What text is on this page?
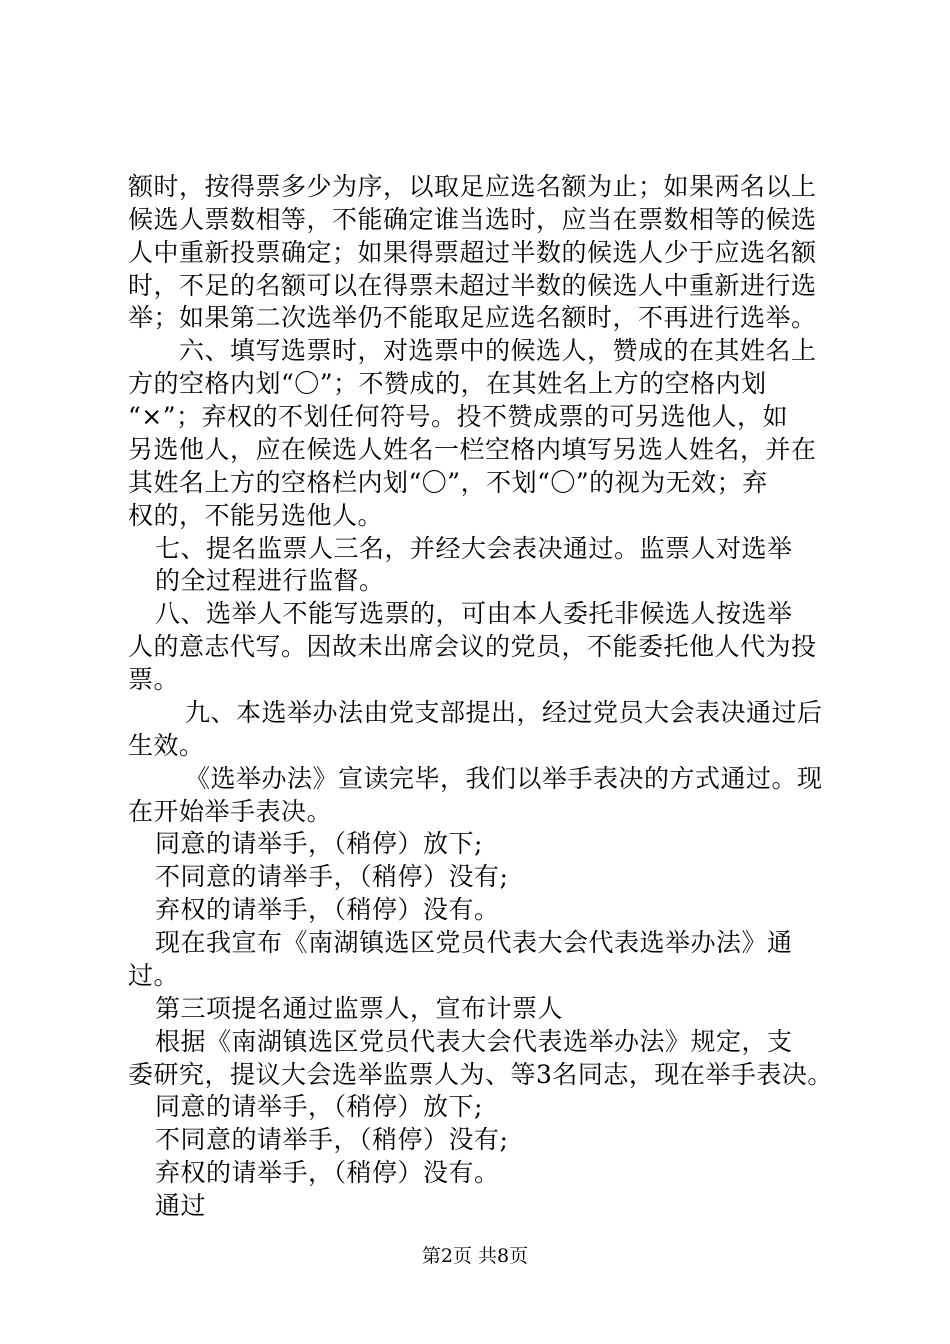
额时，按得票多少为序，以取足应选名额为止；如果两名以上
候选人票数相等，不能确定谁当选时，应当在票数相等的候选
人中重新投票确定；如果得票超过半数的候选人少于应选名额
时，不足的名额可以在得票未超过半数的候选人中重新进行选
举；如果第二次选举仍不能取足应选名额时，不再进行选举。
六、填写选票时，对选票中的候选人，赞成的在其姓名上
方的空格内划“〇”；不赞成的，在其姓名上方的空格内划
“×”；弃权的不划任何符号。投不赞成票的可另选他人，如
另选他人，应在候选人姓名一栏空格内填写另选人姓名，并在
其姓名上方的空格栏内划“〇”，不划“〇”的视为无效；弃
权的，不能另选他人。
七、提名监票人三名，并经大会表决通过。监票人对选举
的全过程进行监督。
八、选举人不能写选票的，可由本人委托非候选人按选举
人的意志代写。因故未出席会议的党员，不能委托他人代为投
票。
九、本选举办法由党支部提出，经过党员大会表决通过后
生效。
《选举办法》宣读完毕，我们以举手表决的方式通过。现
在开始举手表决。
同意的请举手，（稍停）放下;
不同意的请举手，（稍停）没有;
弃权的请举手，（稍停）没有。
现在我宣布《南湖镇选区党员代表大会代表选举办法》通
过。
第三项提名通过监票人，宣布计票人
根据《南湖镇选区党员代表大会代表选举办法》规定，支
委研究，提议大会选举监票人为、等3名同志，现在举手表决。
同意的请举手，（稍停）放下;
不同意的请举手，（稍停）没有;
弃权的请举手，（稍停）没有。
通过
第2页 共8页
